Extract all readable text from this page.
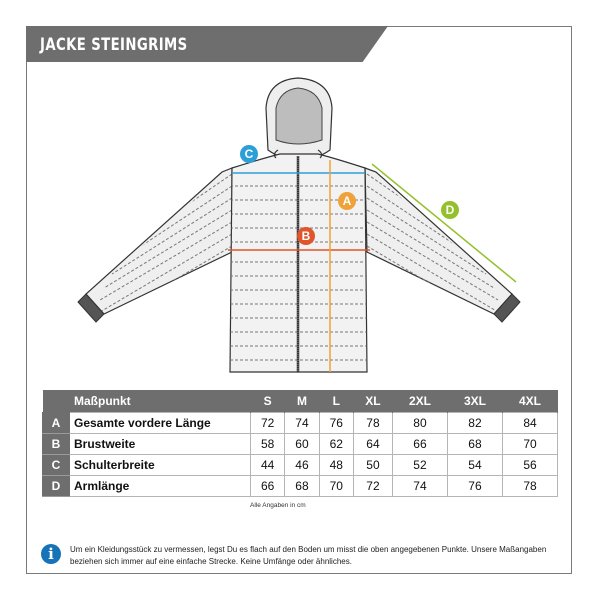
JACKE STEINGRIMS
C
A
B
D
	Maßpunkt	S	M	L	XL	2XL	3XL	4XL
A	Gesamte vordere Länge	72	74	76	78	80	82	84
B	Brustweite	58	60	62	64	66	68	70
C	Schulterbreite	44	46	48	50	52	54	56
D	Armlänge	66	68	70	72	74	76	78
Alle Angaben in cm
i	Um ein Kleidungsstück zu vermessen, legst Du es flach auf den Boden um misst die oben angegebenen Punkte. Unsere Maßangaben beziehen sich immer auf eine einfache Strecke. Keine Umfänge oder ähnliches.
